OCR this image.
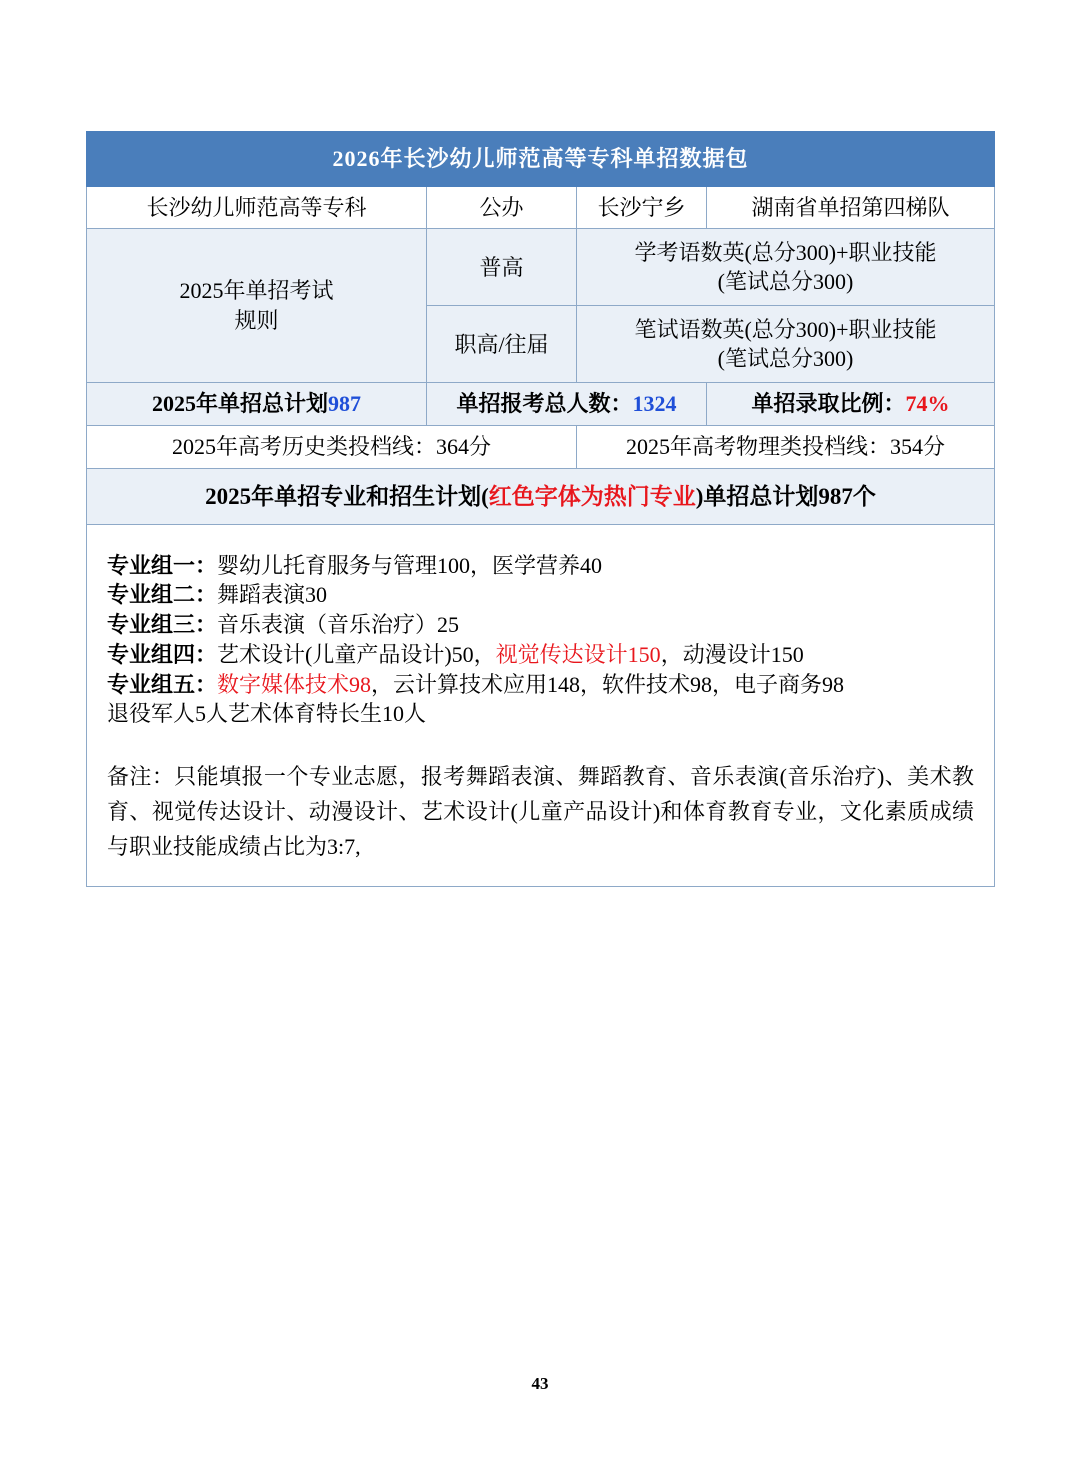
2026年长沙幼儿师范高等专科单招数据包			
长沙幼儿师范高等专科	公办	长沙宁乡	湖南省单招第四梯队

2025年单招考试
规则
	普高	
学考语数英(总分300)+职业技能
(笔试总分300)

	职高/往届	笔试语数英(总分300)+职业技能
(笔试总分300)	

2025年单招总计划987	单招报考总人数：1324		单招录取比例：74%
2025年高考历史类投档线：364分		2025年高考物理类投档线：354分	
2025年单招专业和招生计划(红色字体为热门专业)单招总计划987个			

专业组一：婴幼儿托育服务与管理100，医学营养40
专业组二：舞蹈表演30
专业组三：音乐表演（音乐治疗）25
专业组四：艺术设计(儿童产品设计)50，视觉传达设计150，动漫设计150
专业组五：数字媒体技术98，云计算技术应用148，软件技术98，电子商务98
退役军人5人艺术体育特长生10人
备注：只能填报一个专业志愿，报考舞蹈表演、舞蹈教育、音乐表演(音乐治疗)、美术教育、视觉传达设计、动漫设计、艺术设计(儿童产品设计)和体育教育专业，文化素质成绩与职业技能成绩占比为3:7,
43
